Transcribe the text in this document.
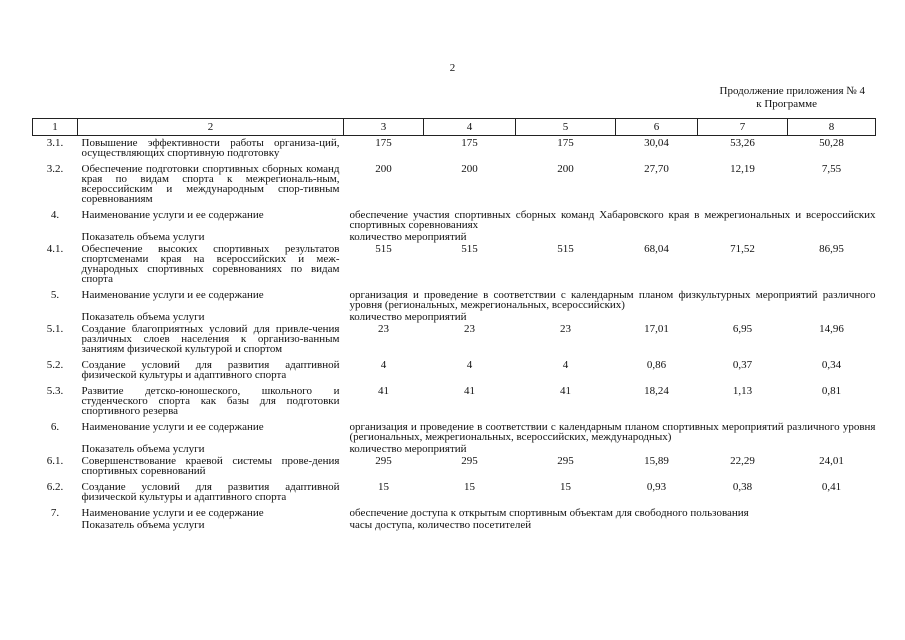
2
Продолжение приложения № 4
к Программе
1	2	3	4	5	6	7	8
3.1.	Повышение эффективности работы организа-ций, осуществляющих спортивную подготовку	175	175	175	30,04	53,26	50,28
3.2.	Обеспечение подготовки спортивных сборных команд края по видам спорта к межрегиональ-ным, всероссийским и международным спор-тивным соревнованиям	200	200	200	27,70	12,19	7,55
4.	Наименование услуги и ее содержание	обеспечение участия спортивных сборных команд Хабаровского края в межрегиональных и всероссийских спортивных соревнованиях					
	Показатель объема услуги	количество мероприятий					
4.1.	Обеспечение высоких спортивных результатов спортсменами края на всероссийских и меж-дународных спортивных соревнованиях по видам спорта	515	515	515	68,04	71,52	86,95
5.	Наименование услуги и ее содержание	организация и проведение в соответствии с календарным планом физкультурных мероприятий различного уровня (региональных, межрегиональных, всероссийских)					
	Показатель объема услуги	количество мероприятий					
5.1.	Создание благоприятных условий для привле-чения различных слоев населения к организо-ванным занятиям физической культурой и спортом	23	23	23	17,01	6,95	14,96
5.2.	Создание условий для развития адаптивной физической культуры и адаптивного спорта	4	4	4	0,86	0,37	0,34
5.3.	Развитие детско-юношеского, школьного и студенческого спорта как базы для подготовки спортивного резерва	41	41	41	18,24	1,13	0,81
6.	Наименование услуги и ее содержание	организация и проведение в соответствии с календарным планом спортивных мероприятий различного уровня (региональных, межрегиональных, всероссийских, международных)					
	Показатель объема услуги	количество мероприятий					
6.1.	Совершенствование краевой системы прове-дения спортивных соревнований	295	295	295	15,89	22,29	24,01
6.2.	Создание условий для развития адаптивной физической культуры и адаптивного спорта	15	15	15	0,93	0,38	0,41
7.	Наименование услуги и ее содержание	обеспечение доступа к открытым спортивным объектам для свободного пользования					
	Показатель объема услуги	часы доступа, количество посетителей					
